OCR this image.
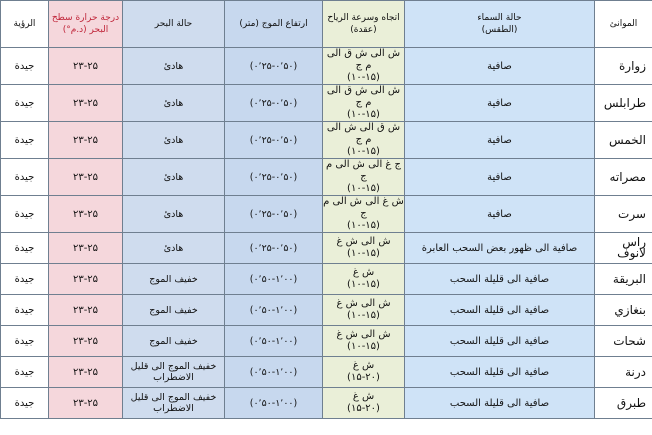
الموانئ	حالة السماء
(الطقس)	اتجاه وسرعة الرياح
(عقدة)	ارتفاع الموج (متر)	حالة البحر	درجة حرارة سطح
البحر (د.م°)	الرؤية
زوارة	صافية	ش الى ش ق الى م ج
(۱۰-۱۵)	(۰٬۲۵-۰٬۵۰)	هادئ	۲۳-۲۵	جيدة
طرابلس	صافية	ش الى ش ق الى م ج
(۱۰-۱۵)	(۰٬۲۵-۰٬۵۰)	هادئ	۲۳-۲۵	جيدة
الخمس	صافية	ش ق الى ش الى م ج
(۱۰-۱۵)	(۰٬۲۵-۰٬۵۰)	هادئ	۲۳-۲۵	جيدة
مصراته	صافية	ج غ الى ش الى م ج
(۱۰-۱۵)	(۰٬۲۵-۰٬۵۰)	هادئ	۲۳-۲۵	جيدة
سرت	صافية	ش غ الى ش الى م ج
(۱۰-۱۵)	(۰٬۲۵-۰٬۵۰)	هادئ	۲۳-۲۵	جيدة
راس لانوف	صافية الى ظهور بعض السحب العابرة	ش الى ش غ
(۱۰-۱۵)	(۰٬۲۵-۰٬۵۰)	هادئ	۲۳-۲۵	جيدة
البريقة	صافية الى قليلة السحب	ش غ
(۱۰-۱۵)	(۰٬۵۰-۱٬۰۰)	خفيف الموج	۲۳-۲۵	جيدة
بنغازي	صافية الى قليلة السحب	ش الى ش غ
(۱۰-۱۵)	(۰٬۵۰-۱٬۰۰)	خفيف الموج	۲۳-۲۵	جيدة
شحات	صافية الى قليلة السحب	ش الى ش غ
(۱۰-۱۵)	(۰٬۵۰-۱٬۰۰)	خفيف الموج	۲۳-۲۵	جيدة
درنة	صافية الى قليلة السحب	ش غ
(۱۵-۲۰)	(۰٬۵۰-۱٬۰۰)	خفيف الموج الى قليل
الاضطراب	۲۳-۲۵	جيدة
طبرق	صافية الى قليلة السحب	ش غ
(۱۵-۲۰)	(۰٬۵۰-۱٬۰۰)	خفيف الموج الى قليل
الاضطراب	۲۳-۲۵	جيدة
